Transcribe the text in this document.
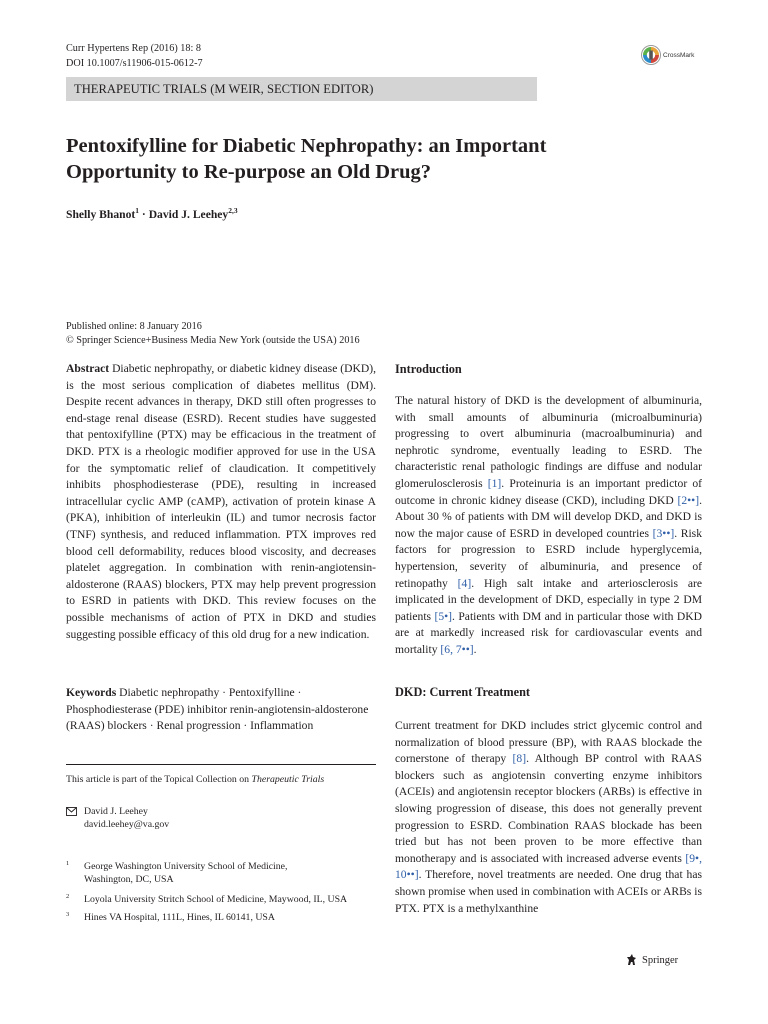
Curr Hypertens Rep (2016) 18: 8
DOI 10.1007/s11906-015-0612-7
CrossMark
THERAPEUTIC TRIALS (M WEIR, SECTION EDITOR)
Pentoxifylline for Diabetic Nephropathy: an Important
Opportunity to Re-purpose an Old Drug?
Shelly Bhanot$^1$ · David J. Leehey$^{2,3}$
Published online: 8 January 2016
© Springer Science+Business Media New York (outside the USA) 2016
Abstract Diabetic nephropathy, or diabetic kidney disease (DKD), is the most serious complication of diabetes mellitus (DM). Despite recent advances in therapy, DKD still often progresses to end-stage renal disease (ESRD). Recent studies have suggested that pentoxifylline (PTX) may be efficacious in the treatment of DKD. PTX is a rheologic modifier approved for use in the USA for the symptomatic relief of claudication. It competitively inhibits phosphodiesterase (PDE), resulting in increased intracellular cyclic AMP (cAMP), activation of protein kinase A (PKA), inhibition of interleukin (IL) and tumor necrosis factor (TNF) synthesis, and reduced inflammation. PTX improves red blood cell deformability, reduces blood viscosity, and decreases platelet aggregation. In combination with renin-angiotensin-aldosterone (RAAS) blockers, PTX may help prevent progression to ESRD in patients with DKD. This review focuses on the possible mechanisms of action of PTX in DKD and studies suggesting possible efficacy of this old drug for a new indication.
Keywords Diabetic nephropathy · Pentoxifylline · Phosphodiesterase (PDE) inhibitor renin-angiotensin-aldosterone (RAAS) blockers · Renal progression · Inflammation
This article is part of the Topical Collection on Therapeutic Trials
David J. Leehey
david.leehey@va.gov
1 George Washington University School of Medicine,
Washington, DC, USA
2 Loyola University Stritch School of Medicine, Maywood, IL, USA
3 Hines VA Hospital, 111L, Hines, IL 60141, USA
Introduction
The natural history of DKD is the development of albuminuria, with small amounts of albuminuria (microalbuminuria) progressing to overt albuminuria (macroalbuminuria) and nephrotic syndrome, eventually leading to ESRD. The characteristic renal pathologic findings are diffuse and nodular glomerulosclerosis [1]. Proteinuria is an important predictor of outcome in chronic kidney disease (CKD), including DKD [2••]. About 30 % of patients with DM will develop DKD, and DKD is now the major cause of ESRD in developed countries [3••]. Risk factors for progression to ESRD include hyperglycemia, hypertension, severity of albuminuria, and presence of retinopathy [4]. High salt intake and arteriosclerosis are implicated in the development of DKD, especially in type 2 DM patients [5•]. Patients with DM and in particular those with DKD are at markedly increased risk for cardiovascular events and mortality [6, 7••].
DKD: Current Treatment
Current treatment for DKD includes strict glycemic control and normalization of blood pressure (BP), with RAAS blockade the cornerstone of therapy [8]. Although BP control with RAAS blockers such as angiotensin converting enzyme inhibitors (ACEIs) and angiotensin receptor blockers (ARBs) is effective in slowing progression of disease, this does not generally prevent progression to ESRD. Combination RAAS blockade has been tried but has not been proven to be more effective than monotherapy and is associated with increased adverse events [9•, 10••]. Therefore, novel treatments are needed. One drug that has shown promise when used in combination with ACEIs or ARBs is PTX. PTX is a methylxanthine
Springer
